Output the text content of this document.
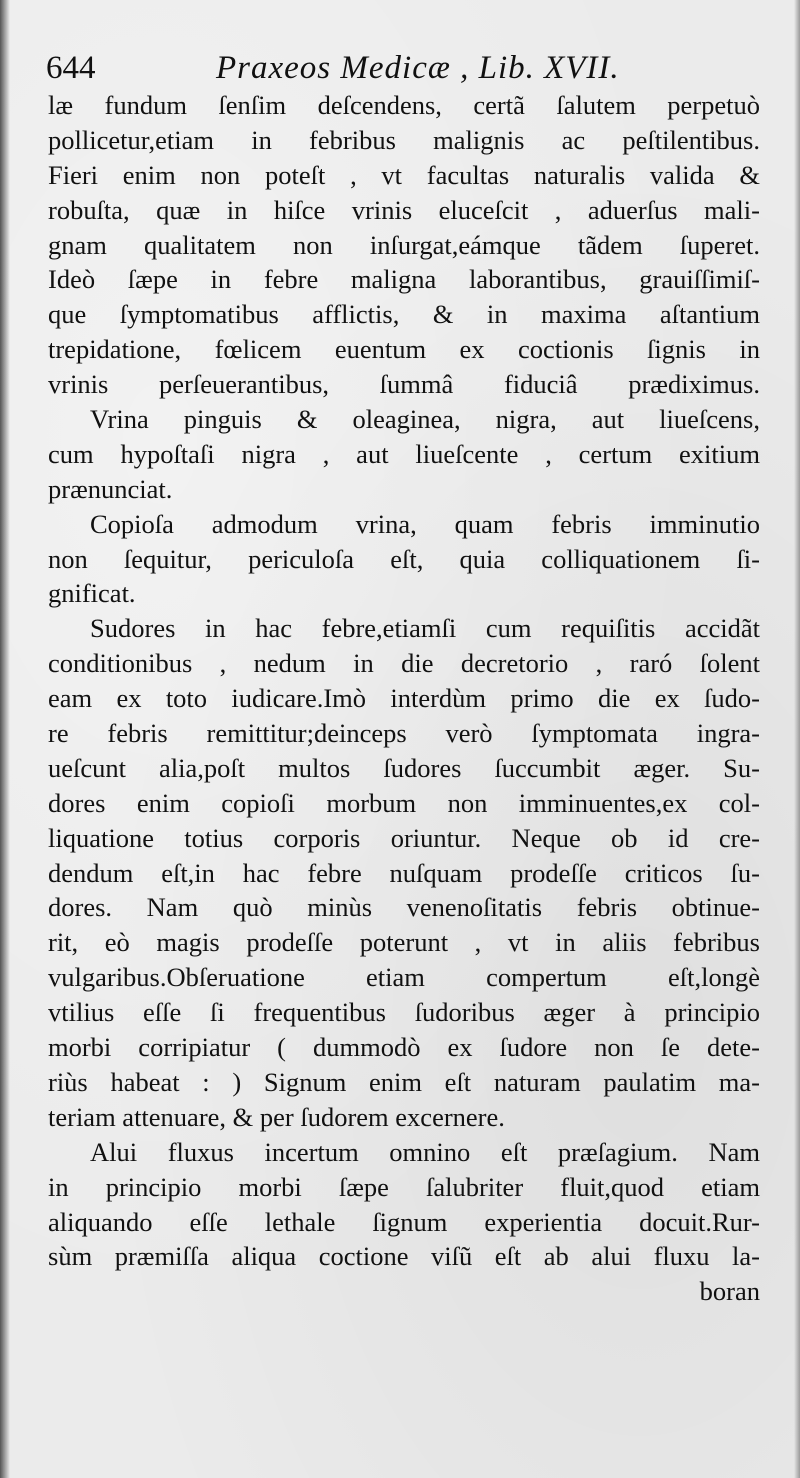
644	Praxeos Medicæ , Lib. XVII.
læ fundum ſenſim deſcendens, certã ſalutem perpetuò
pollicetur,etiam in febribus malignis ac peſtilentibus.
Fieri enim non poteſt , vt facultas naturalis valida &
robuſta, quæ in hiſce vrinis eluceſcit , aduerſus mali-
gnam qualitatem non inſurgat,eámque tãdem ſuperet.
Ideò ſæpe in febre maligna laborantibus, grauiſſimiſ-
que ſymptomatibus afflictis, & in maxima aſtantium
trepidatione, fœlicem euentum ex coctionis ſignis in
vrinis perſeuerantibus, ſummâ fiduciâ prædiximus.
Vrina pinguis & oleaginea, nigra, aut liueſcens,
cum hypoſtaſi nigra , aut liueſcente , certum exitium
prænunciat.
Copioſa admodum vrina, quam febris imminutio
non ſequitur, periculoſa eſt, quia colliquationem ſi-
gnificat.
Sudores in hac febre,etiamſi cum requiſitis accidãt
conditionibus , nedum in die decretorio , raró ſolent
eam ex toto iudicare.Imò interdùm primo die ex ſudo-
re febris remittitur;deinceps verò ſymptomata ingra-
ueſcunt alia,poſt multos ſudores ſuccumbit æger. Su-
dores enim copioſi morbum non imminuentes,ex col-
liquatione totius corporis oriuntur. Neque ob id cre-
dendum eſt,in hac febre nuſquam prodeſſe criticos ſu-
dores. Nam quò minùs venenoſitatis febris obtinue-
rit, eò magis prodeſſe poterunt , vt in aliis febribus
vulgaribus.Obſeruatione etiam compertum eſt,longè
vtilius eſſe ſi frequentibus ſudoribus æger à principio
morbi corripiatur ( dummodò ex ſudore non ſe dete-
riùs habeat : ) Signum enim eſt naturam paulatim ma-
teriam attenuare, & per ſudorem excernere.
Alui fluxus incertum omnino eſt præſagium. Nam
in principio morbi ſæpe ſalubriter fluit,quod etiam
aliquando eſſe lethale ſignum experientia docuit.Rur-
sùm præmiſſa aliqua coctione viſũ eſt ab alui fluxu la-
boran
